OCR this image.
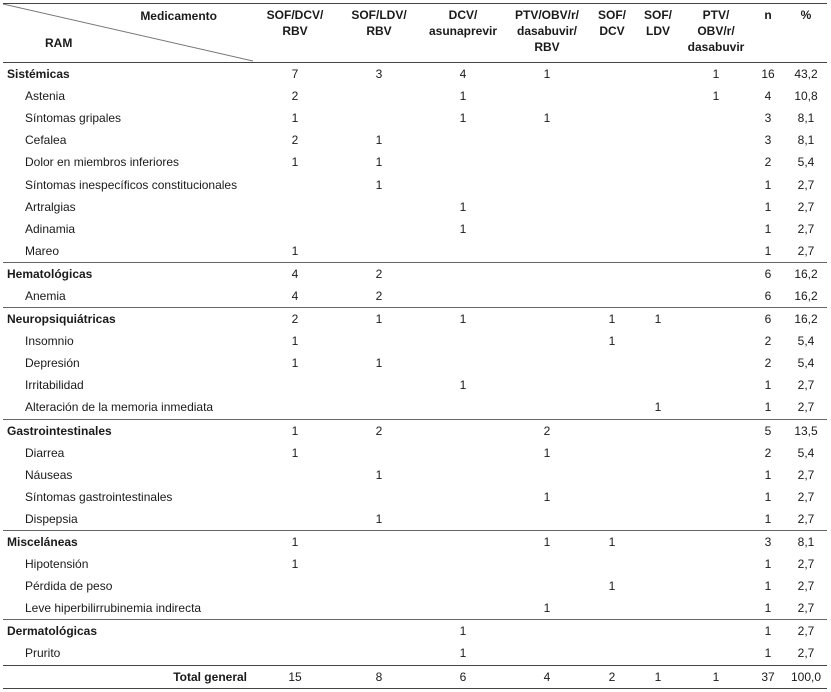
Medicamento
RAM	SOF/DCV/ RBV	SOF/LDV/ RBV	DCV/ asunaprevir	PTV/OBV/r/ dasabuvir/ RBV	SOF/ DCV	SOF/ LDV	PTV/ OBV/r/ dasabuvir	n	%
Sistémicas	7	3	4	1			1	16	43,2
Astenia	2		1				1	4	10,8
Síntomas gripales	1		1	1				3	8,1
Cefalea	2	1						3	8,1
Dolor en miembros inferiores	1	1						2	5,4
Síntomas inespecíficos constitucionales		1						1	2,7
Artralgias			1					1	2,7
Adinamia			1					1	2,7
Mareo	1							1	2,7
Hematológicas	4	2						6	16,2
Anemia	4	2						6	16,2
Neuropsiquiátricas	2	1	1		1	1		6	16,2
Insomnio	1				1			2	5,4
Depresión	1	1						2	5,4
Irritabilidad			1					1	2,7
Alteración de la memoria inmediata						1		1	2,7
Gastrointestinales	1	2		2				5	13,5
Diarrea	1			1				2	5,4
Náuseas		1						1	2,7
Síntomas gastrointestinales				1				1	2,7
Dispepsia		1						1	2,7
Misceláneas	1			1	1			3	8,1
Hipotensión	1							1	2,7
Pérdida de peso					1			1	2,7
Leve hiperbilirrubinemia indirecta				1				1	2,7
Dermatológicas			1					1	2,7
Prurito			1					1	2,7
Total general	15	8	6	4	2	1	1	37	100,0
